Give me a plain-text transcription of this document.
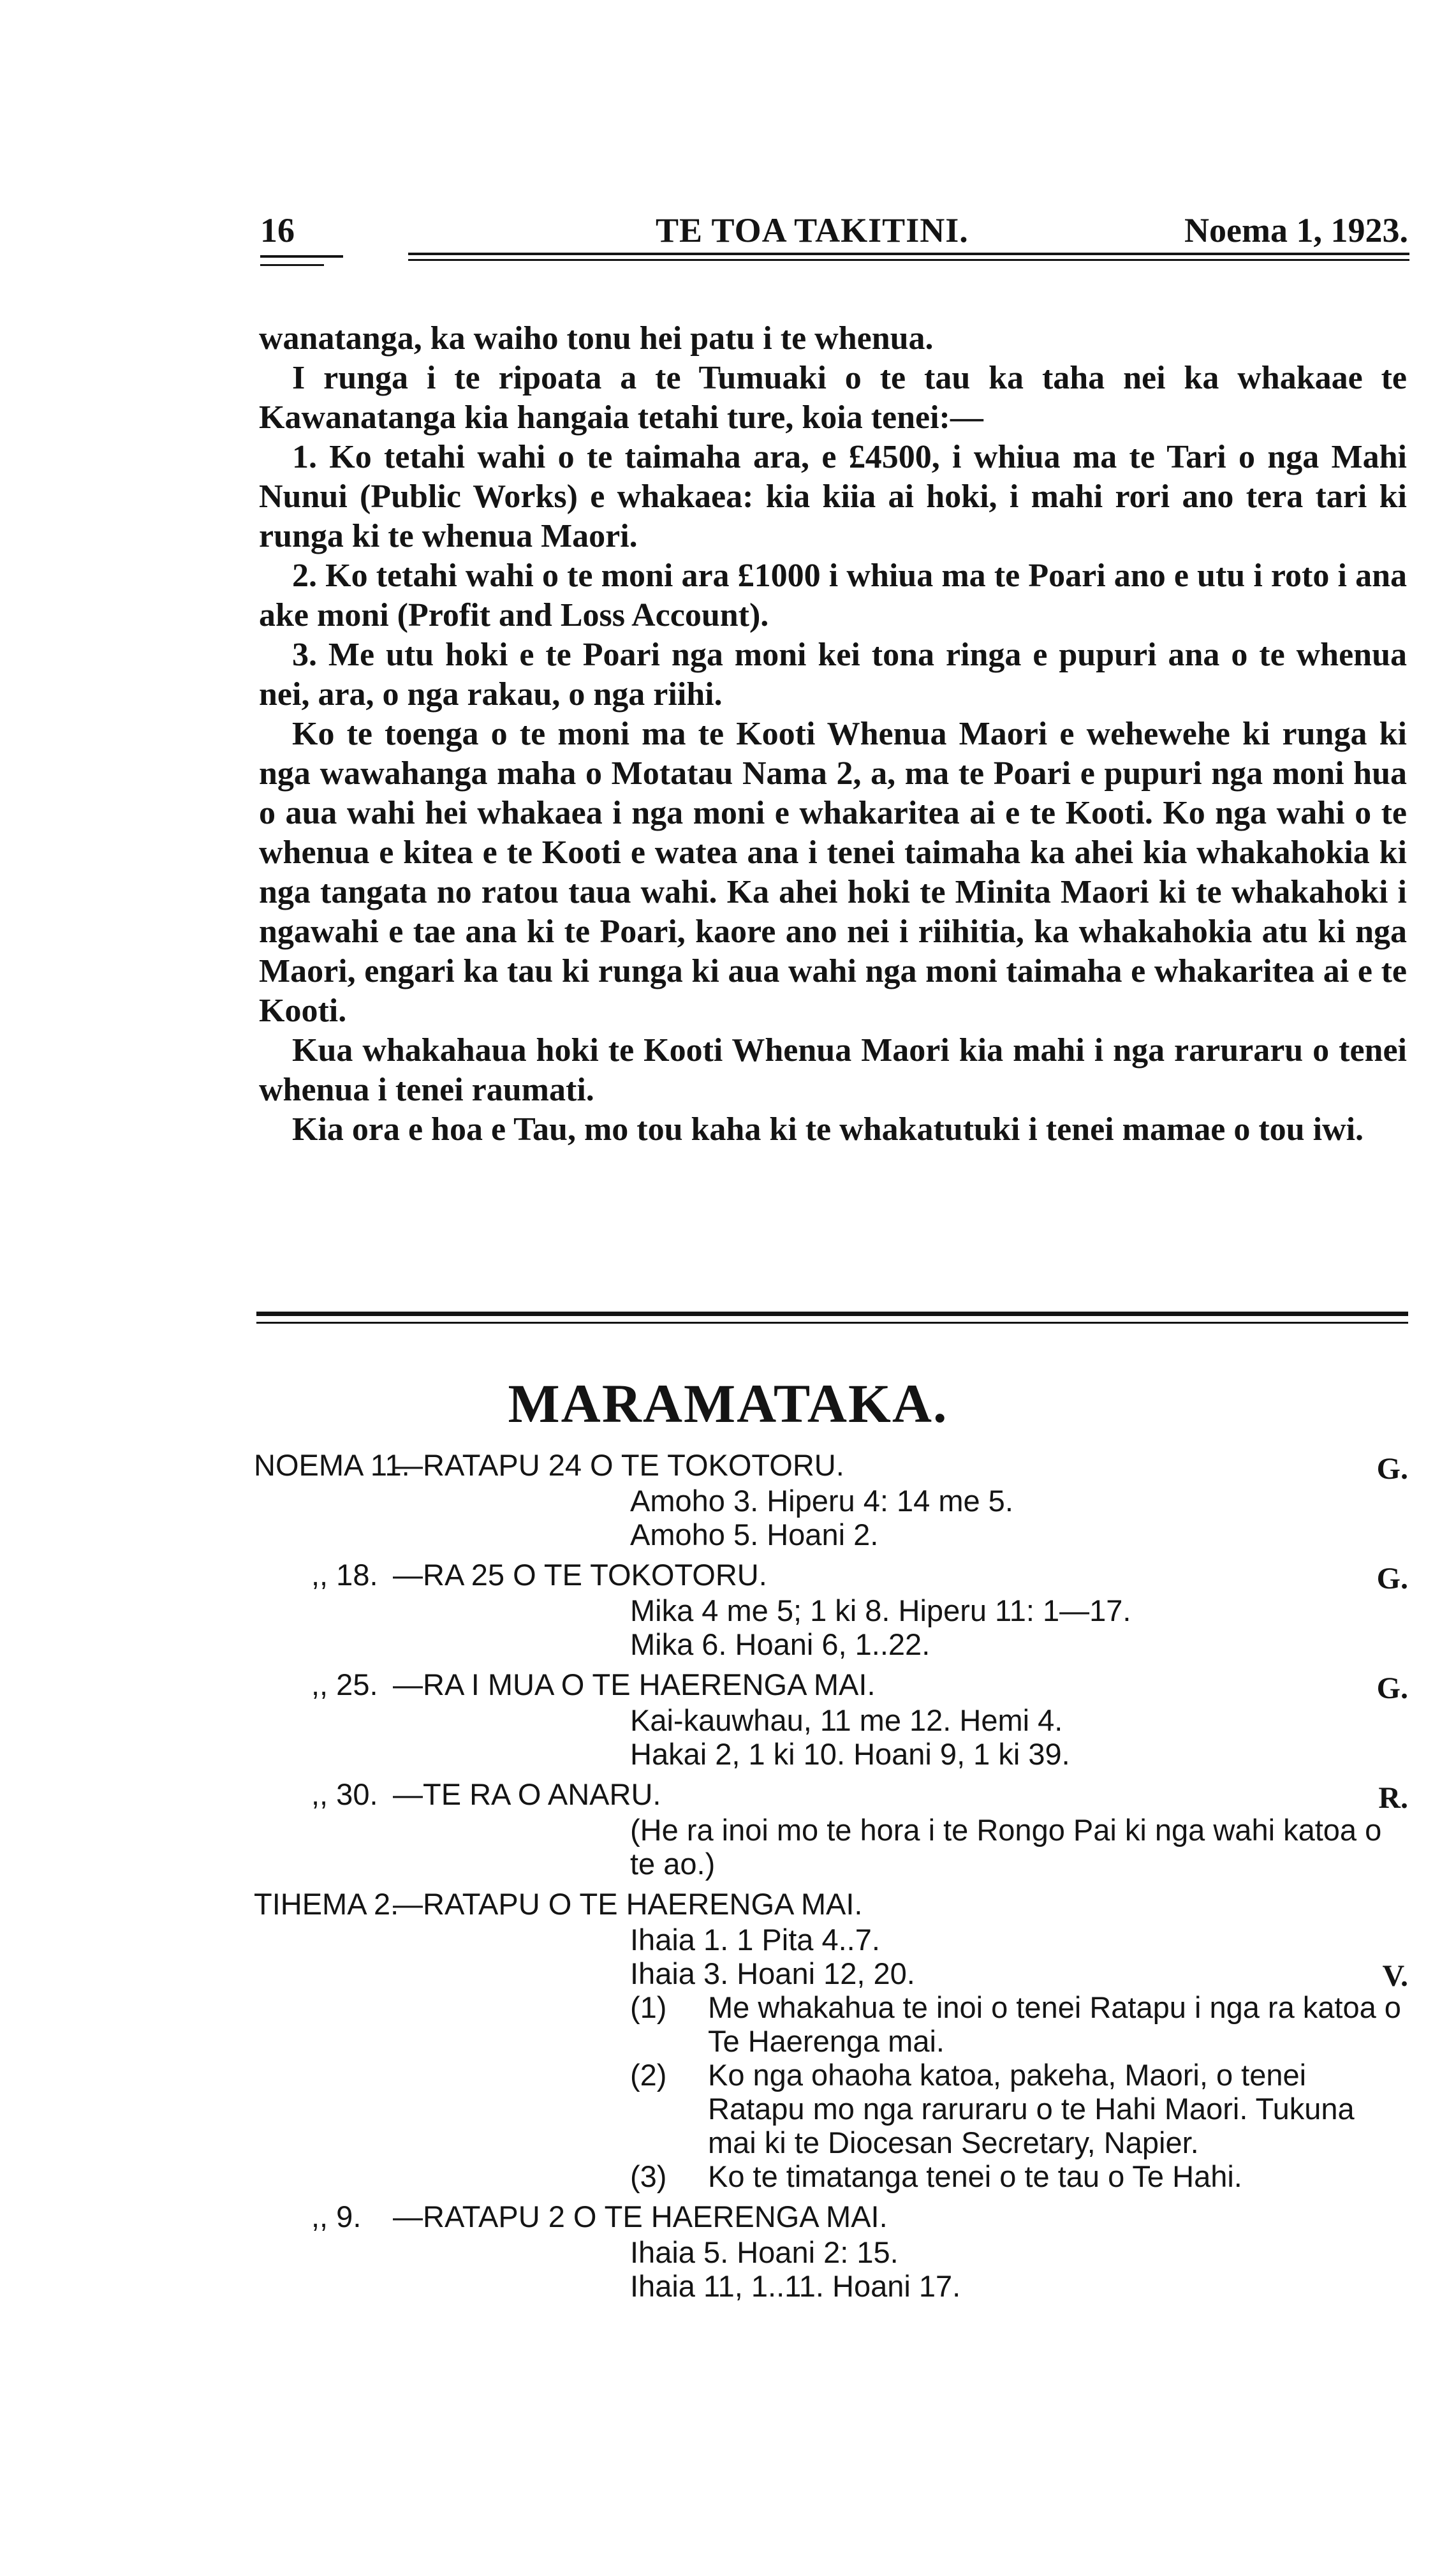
16	TE TOA TAKITINI.	Noema 1, 1923.

wanatanga, ka waiho tonu hei patu i te whenua.

I runga i te ripoata a te Tumuaki o te tau ka taha nei ka whakaae te Kawanatanga kia hangaia tetahi ture, koia tenei:—

1. Ko tetahi wahi o te taimaha ara, e £4500, i whiua ma te Tari o nga Mahi Nunui (Public Works) e whakaea: kia kiia ai hoki, i mahi rori ano tera tari ki runga ki te whenua Maori.

2. Ko tetahi wahi o te moni ara £1000 i whiua ma te Poari ano e utu i roto i ana ake moni (Profit and Loss Account).

3. Me utu hoki e te Poari nga moni kei tona ringa e pupuri ana o te whenua nei, ara, o nga rakau, o nga riihi.

Ko te toenga o te moni ma te Kooti Whenua Maori e wehewehe ki runga ki nga wawahanga maha o Motatau Nama 2, a, ma te Poari e pupuri nga moni hua o aua wahi hei whakaea i nga moni e whakaritea ai e te Kooti. Ko nga wahi o te whenua e kitea e te Kooti e watea ana i tenei taimaha ka ahei kia whakahokia ki nga tangata no ratou taua wahi. Ka ahei hoki te Minita Maori ki te whakahoki i ngawahi e tae ana ki te Poari, kaore ano nei i riihitia, ka whakahokia atu ki nga Maori, engari ka tau ki runga ki aua wahi nga moni taimaha e whakaritea ai e te Kooti.

Kua whakahaua hoki te Kooti Whenua Maori kia mahi i nga raruraru o tenei whenua i tenei raumati.

Kia ora e hoa e Tau, mo tou kaha ki te whakatutuki i tenei mamae o tou iwi.

MARAMATAKA.
NOEMA 11.—RATAPU 24 O TE TOKOTORU.	G.
Amoho 3. Hiperu 4: 14 me 5.
Amoho 5. Hoani 2.
,, 18. —RA 25 O TE TOKOTORU.	G.
Mika 4 me 5; 1 ki 8. Hiperu 11: 1—17.
Mika 6. Hoani 6, 1..22.
,, 25. —RA I MUA O TE HAERENGA MAI.	G.
Kai-kauwhau, 11 me 12. Hemi 4.
Hakai 2, 1 ki 10. Hoani 9, 1 ki 39.
,, 30. —TE RA O ANARU.	R.
(He ra inoi mo te hora i te Rongo Pai ki nga wahi katoa o te ao.)
TIHEMA 2.—RATAPU O TE HAERENGA MAI.
Ihaia 1. 1 Pita 4..7.
Ihaia 3. Hoani 12, 20.	V.
(1) Me whakahua te inoi o tenei Ratapu i nga ra katoa o Te Haerenga mai.
(2) Ko nga ohaoha katoa, pakeha, Maori, o tenei Ratapu mo nga raruraru o te Hahi Maori. Tukuna mai ki te Diocesan Secretary, Napier.
(3) Ko te timatanga tenei o te tau o Te Hahi.
,, 9. —RATAPU 2 O TE HAERENGA MAI.
Ihaia 5. Hoani 2: 15.
Ihaia 11, 1..11. Hoani 17.
